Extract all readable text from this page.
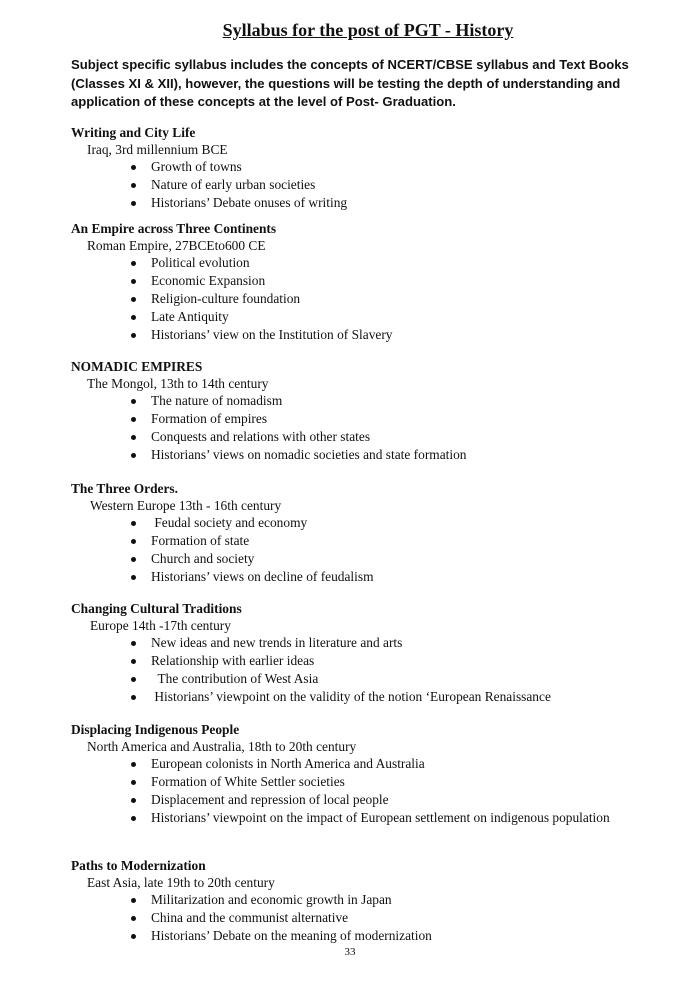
Syllabus for the post of PGT - History
Subject specific syllabus includes the concepts of NCERT/CBSE syllabus and Text Books (Classes XI & XII), however, the questions will be testing the depth of understanding and application of these concepts at the level of Post- Graduation.
Writing and City Life
Iraq, 3rd millennium BCE
Growth of towns
Nature of early urban societies
Historians’ Debate onuses of writing
An Empire across Three Continents
Roman Empire, 27BCEto600 CE
Political evolution
Economic Expansion
Religion-culture foundation
Late Antiquity
Historians’ view on the Institution of Slavery
NOMADIC EMPIRES
The Mongol, 13th to 14th century
The nature of nomadism
Formation of empires
Conquests and relations with other states
Historians’ views on nomadic societies and state formation
The Three Orders.
Western Europe 13th - 16th century
Feudal society and economy
Formation of state
Church and society
Historians’ views on decline of feudalism
Changing Cultural Traditions
Europe 14th -17th century
New ideas and new trends in literature and arts
Relationship with earlier ideas
The contribution of West Asia
Historians’ viewpoint on the validity of the notion ‘European Renaissance
Displacing Indigenous People
North America and Australia, 18th to 20th century
European colonists in North America and Australia
Formation of White Settler societies
Displacement and repression of local people
Historians’ viewpoint on the impact of European settlement on indigenous population
Paths to Modernization
East Asia, late 19th to 20th century
Militarization and economic growth in Japan
China and the communist alternative
Historians’ Debate on the meaning of modernization
33
